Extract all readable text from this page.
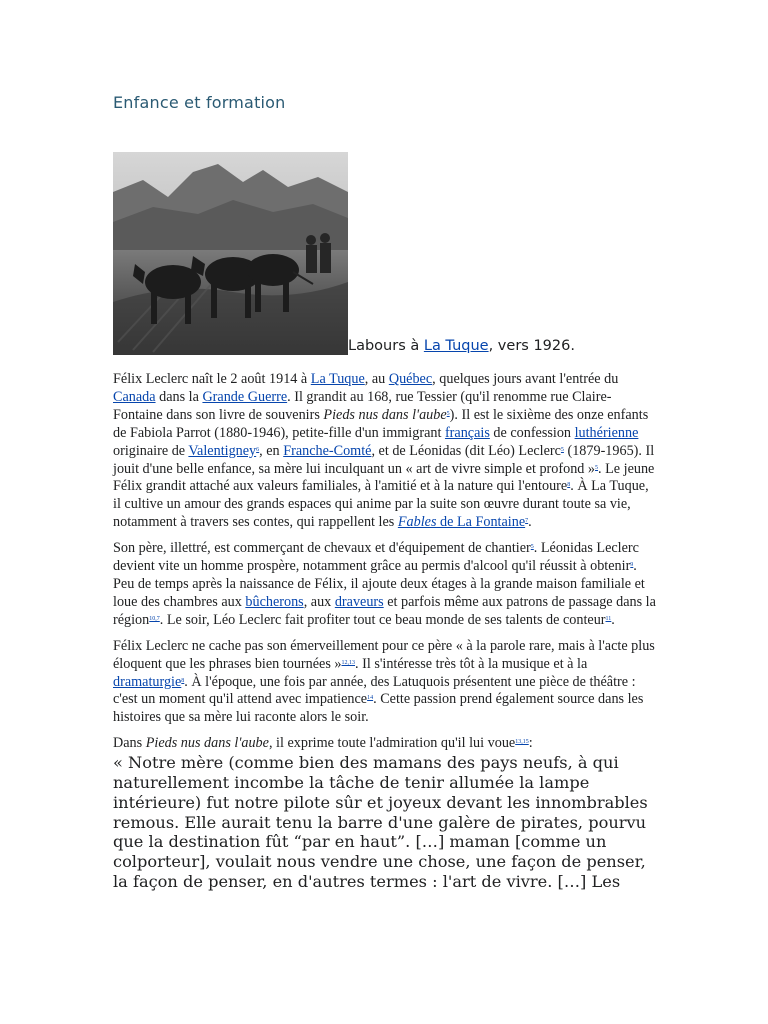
Enfance et formation
Labours à La Tuque, vers 1926.

Félix Leclerc naît le 2 août 1914 à La Tuque, au Québec, quelques jours avant l'entrée du Canada dans la Grande Guerre. Il grandit au 168, rue Tessier (qu'il renomme rue Claire-Fontaine dans son livre de souvenirs Pieds nus dans l'aube$^5$). Il est le sixième des onze enfants de Fabiola Parrot (1880-1946), petite-fille d'un immigrant français de confession luthérienne originaire de Valentigney$^6$, en Franche-Comté, et de Léonidas (dit Léo) Leclerc$^5$ (1879-1965). Il jouit d'une belle enfance, sa mère lui inculquant un « art de vivre simple et profond »$^5$. Le jeune Félix grandit attaché aux valeurs familiales, à l'amitié et à la nature qui l'entoure$^8$. À La Tuque, il cultive un amour des grands espaces qui anime par la suite son œuvre durant toute sa vie, notamment à travers ses contes, qui rappellent les Fables de La Fontaine$^7$.

Son père, illettré, est commerçant de chevaux et d'équipement de chantier$^5$. Léonidas Leclerc devient vite un homme prospère, notamment grâce au permis d'alcool qu'il réussit à obtenir$^9$. Peu de temps après la naissance de Félix, il ajoute deux étages à la grande maison familiale et loue des chambres aux bûcherons, aux draveurs et parfois même aux patrons de passage dans la région$^{10,7}$. Le soir, Léo Leclerc fait profiter tout ce beau monde de ses talents de conteur$^{11}$.

Félix Leclerc ne cache pas son émerveillement pour ce père « à la parole rare, mais à l'acte plus éloquent que les phrases bien tournées »$^{12,13}$. Il s'intéresse très tôt à la musique et à la dramaturgie$^8$. À l'époque, une fois par année, des Latuquois présentent une pièce de théâtre : c'est un moment qu'il attend avec impatience$^{14}$. Cette passion prend également source dans les histoires que sa mère lui raconte alors le soir.

Dans Pieds nus dans l'aube, il exprime toute l'admiration qu'il lui voue$^{13,15}$:

« Notre mère (comme bien des mamans des pays neufs, à qui naturellement incombe la tâche de tenir allumée la lampe intérieure) fut notre pilote sûr et joyeux devant les innombrables remous. Elle aurait tenu la barre d'une galère de pirates, pourvu que la destination fût “par en haut”. […] maman [comme un colporteur], voulait nous vendre une chose, une façon de penser, la façon de penser, en d'autres termes : l'art de vivre. […] Les
